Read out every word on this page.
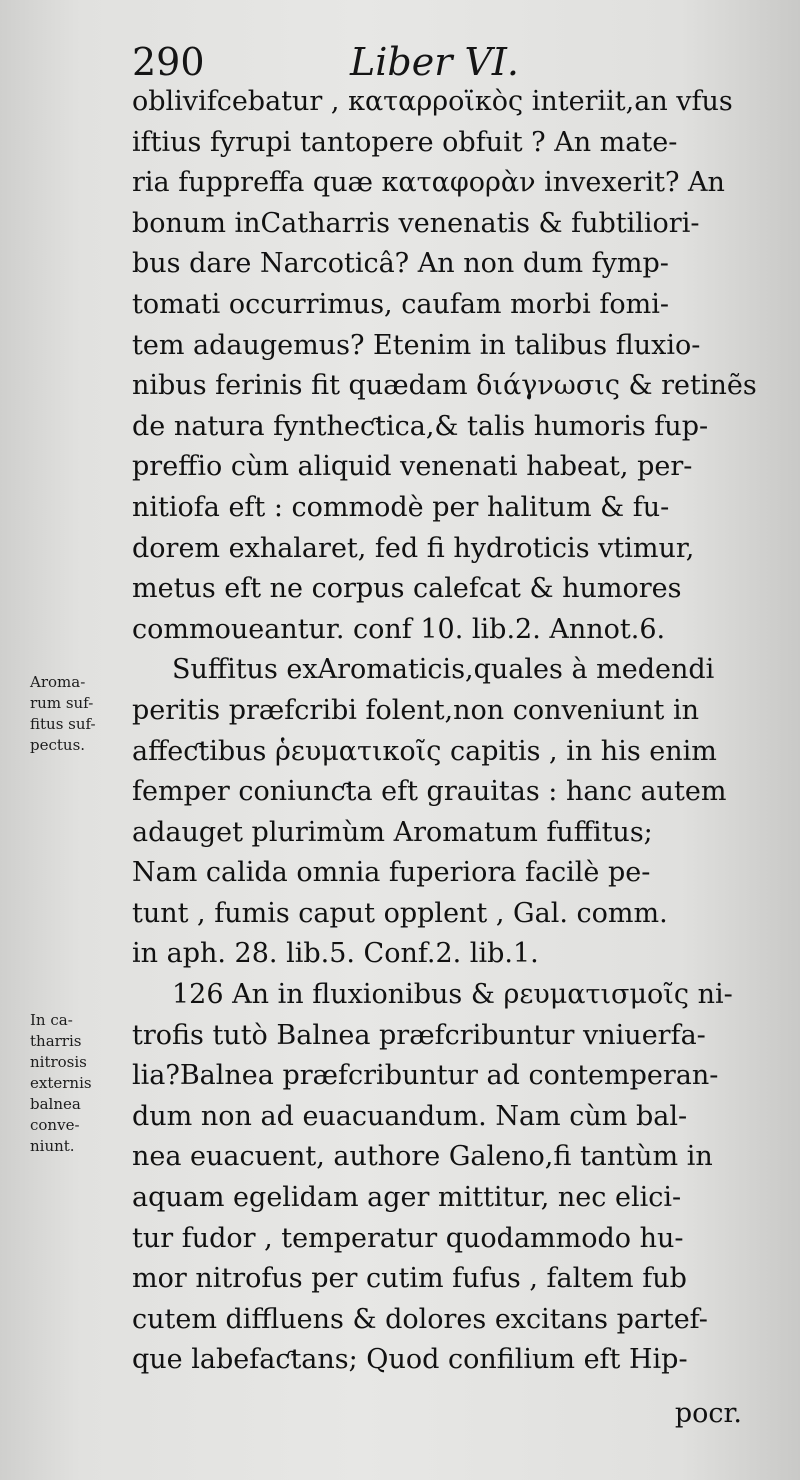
290	Liber VI.
Aroma-
rum suf-
fitus suf-
pectus.
In ca-
tharris
nitrosis
externis
balnea
conve-
niunt.
oblivifcebatur , καταρροϊκὸς interiit,an vfus
iftius fyrupi tantopere obfuit ? An mate-
ria fuppreffa quæ καταφορὰν invexerit? An
bonum inCatharris venenatis & fubtiliori-
bus dare Narcoticâ? An non dum fymp-
tomati occurrimus, caufam morbi fomi-
tem adaugemus? Etenim in talibus fluxio-
nibus ferinis fit quædam διάγνωσις & retinẽs
de natura fyntheƈtica,& talis humoris fup-
preffio cùm aliquid venenati habeat, per-
nitiofa eft : commodè per halitum & fu-
dorem exhalaret, fed fi hydroticis vtimur,
metus eft ne corpus calefcat & humores
commoueantur. conf 10. lib.2. Annot.6.
Suffitus exAromaticis,quales à medendi
peritis præfcribi folent,non conveniunt in
affeƈtibus ῥευματικοῖς capitis , in his enim
femper coniunƈta eft grauitas : hanc autem
adauget plurimùm Aromatum fuffitus;
Nam calida omnia fuperiora facilè pe-
tunt , fumis caput opplent , Gal. comm.
in aph. 28. lib.5. Conf.2. lib.1.
126 An in fluxionibus & ρευματισμοῖς ni-
trofis tutò Balnea præfcribuntur vniuerfa-
lia?Balnea præfcribuntur ad contemperan-
dum non ad euacuandum. Nam cùm bal-
nea euacuent, authore Galeno,fi tantùm in
aquam egelidam ager mittitur, nec elici-
tur fudor , temperatur quodammodo hu-
mor nitrofus per cutim fufus , faltem fub
cutem diffluens & dolores excitans partef-
que labefaƈtans; Quod confilium eft Hip-
pocr.
